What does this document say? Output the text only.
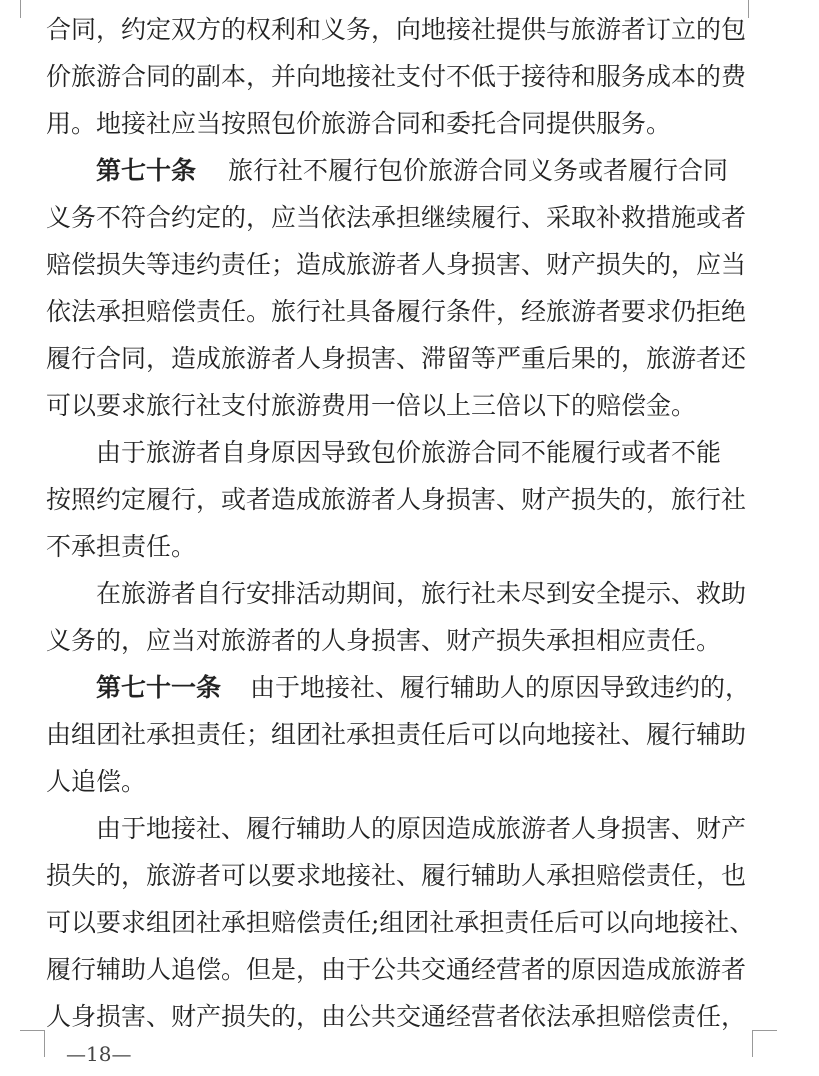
合同，约定双方的权利和义务，向地接社提供与旅游者订立的包
价旅游合同的副本，并向地接社支付不低于接待和服务成本的费
用。地接社应当按照包价旅游合同和委托合同提供服务。
第七十条 旅行社不履行包价旅游合同义务或者履行合同
义务不符合约定的，应当依法承担继续履行、采取补救措施或者
赔偿损失等违约责任；造成旅游者人身损害、财产损失的，应当
依法承担赔偿责任。旅行社具备履行条件，经旅游者要求仍拒绝
履行合同，造成旅游者人身损害、滞留等严重后果的，旅游者还
可以要求旅行社支付旅游费用一倍以上三倍以下的赔偿金。
由于旅游者自身原因导致包价旅游合同不能履行或者不能
按照约定履行，或者造成旅游者人身损害、财产损失的，旅行社
不承担责任。
在旅游者自行安排活动期间，旅行社未尽到安全提示、救助
义务的，应当对旅游者的人身损害、财产损失承担相应责任。
第七十一条 由于地接社、履行辅助人的原因导致违约的，
由组团社承担责任；组团社承担责任后可以向地接社、履行辅助
人追偿。
由于地接社、履行辅助人的原因造成旅游者人身损害、财产
损失的，旅游者可以要求地接社、履行辅助人承担赔偿责任，也
可以要求组团社承担赔偿责任;组团社承担责任后可以向地接社、
履行辅助人追偿。但是，由于公共交通经营者的原因造成旅游者
人身损害、财产损失的，由公共交通经营者依法承担赔偿责任，
—18—
